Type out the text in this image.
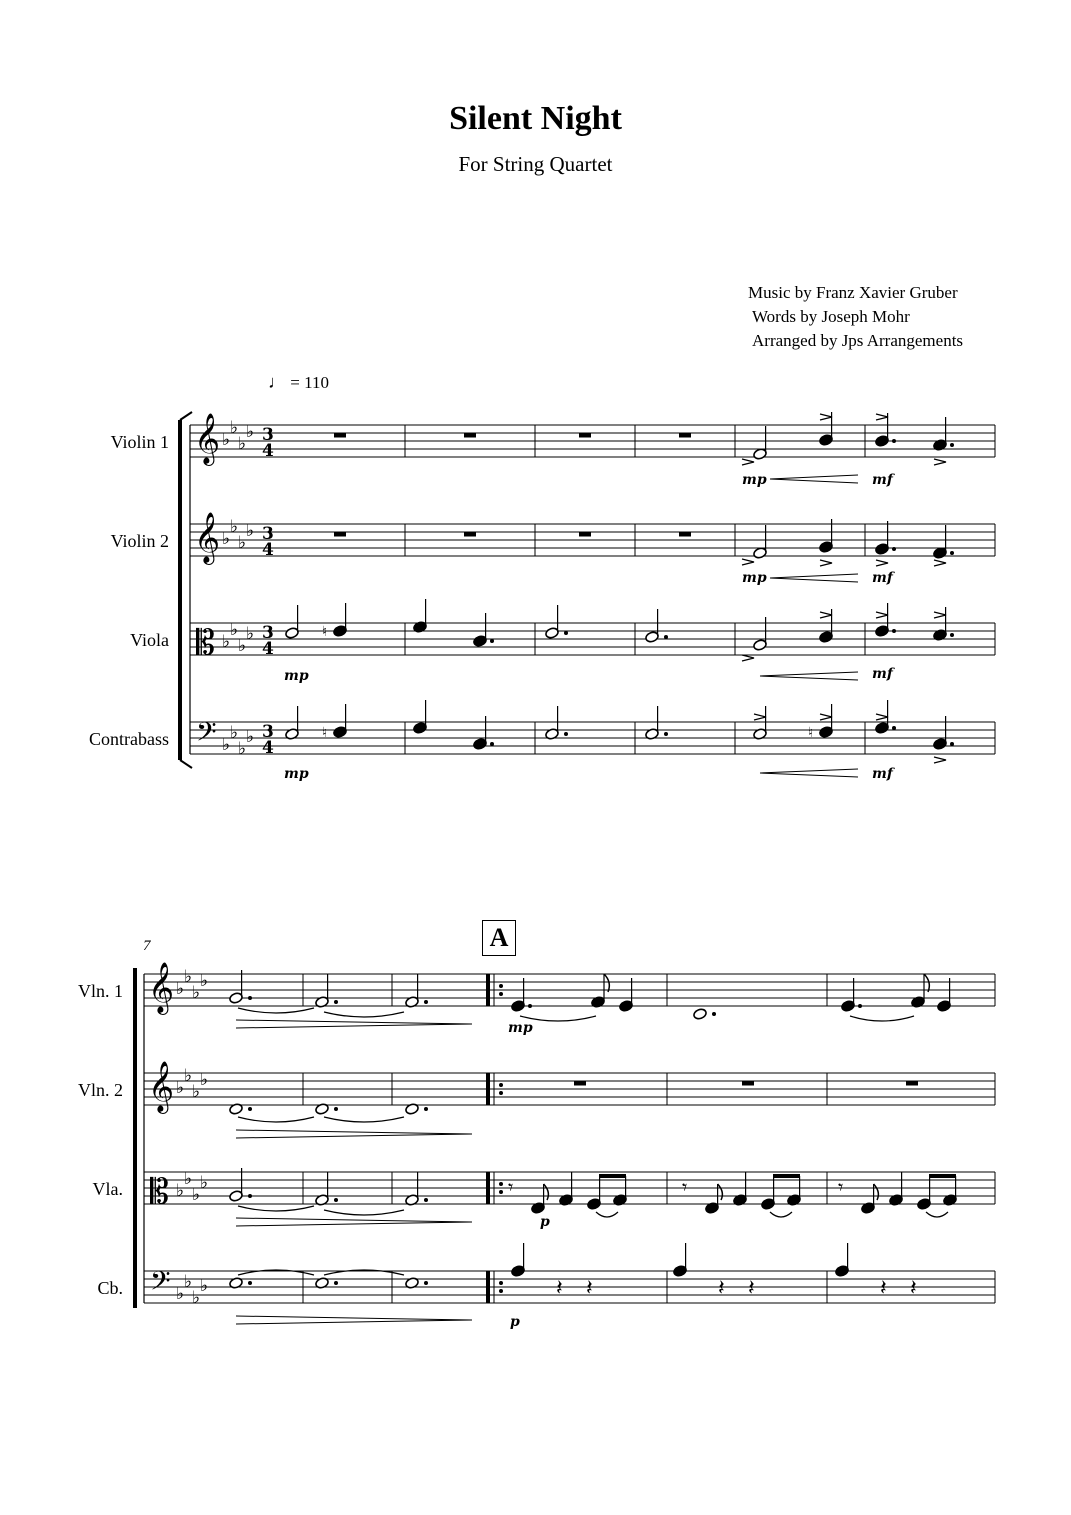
Silent Night
For String Quartet
Music by Franz Xavier Gruber
Words by Joseph Mohr
Arranged by Jps Arrangements
♩ = 110
Violin 1
Violin 2
Viola
Contrabass
Vln. 1
Vln. 2
Vla.
Cb.
7	A
𝄞 ♭
♭
♭
♭ 3
4
𝄞 ♭
♭
♭
♭ 3
4
𝄡 ♭
♭
♭
♭ 3
4
𝄢 ♭
♭
♭
♭ 3
4
mp	mf
mp	mf
♮
mp	mf
♮	♮
mp	mf
𝄞 ♭
♭
♭
♭
𝄞 ♭
♭
♭
♭
𝄡 ♭
♭
♭
♭
𝄢 ♭
♭
♭
♭
mp
𝄾	𝄾	𝄾
p
𝄽 𝄽	𝄽 𝄽	𝄽 𝄽
p
